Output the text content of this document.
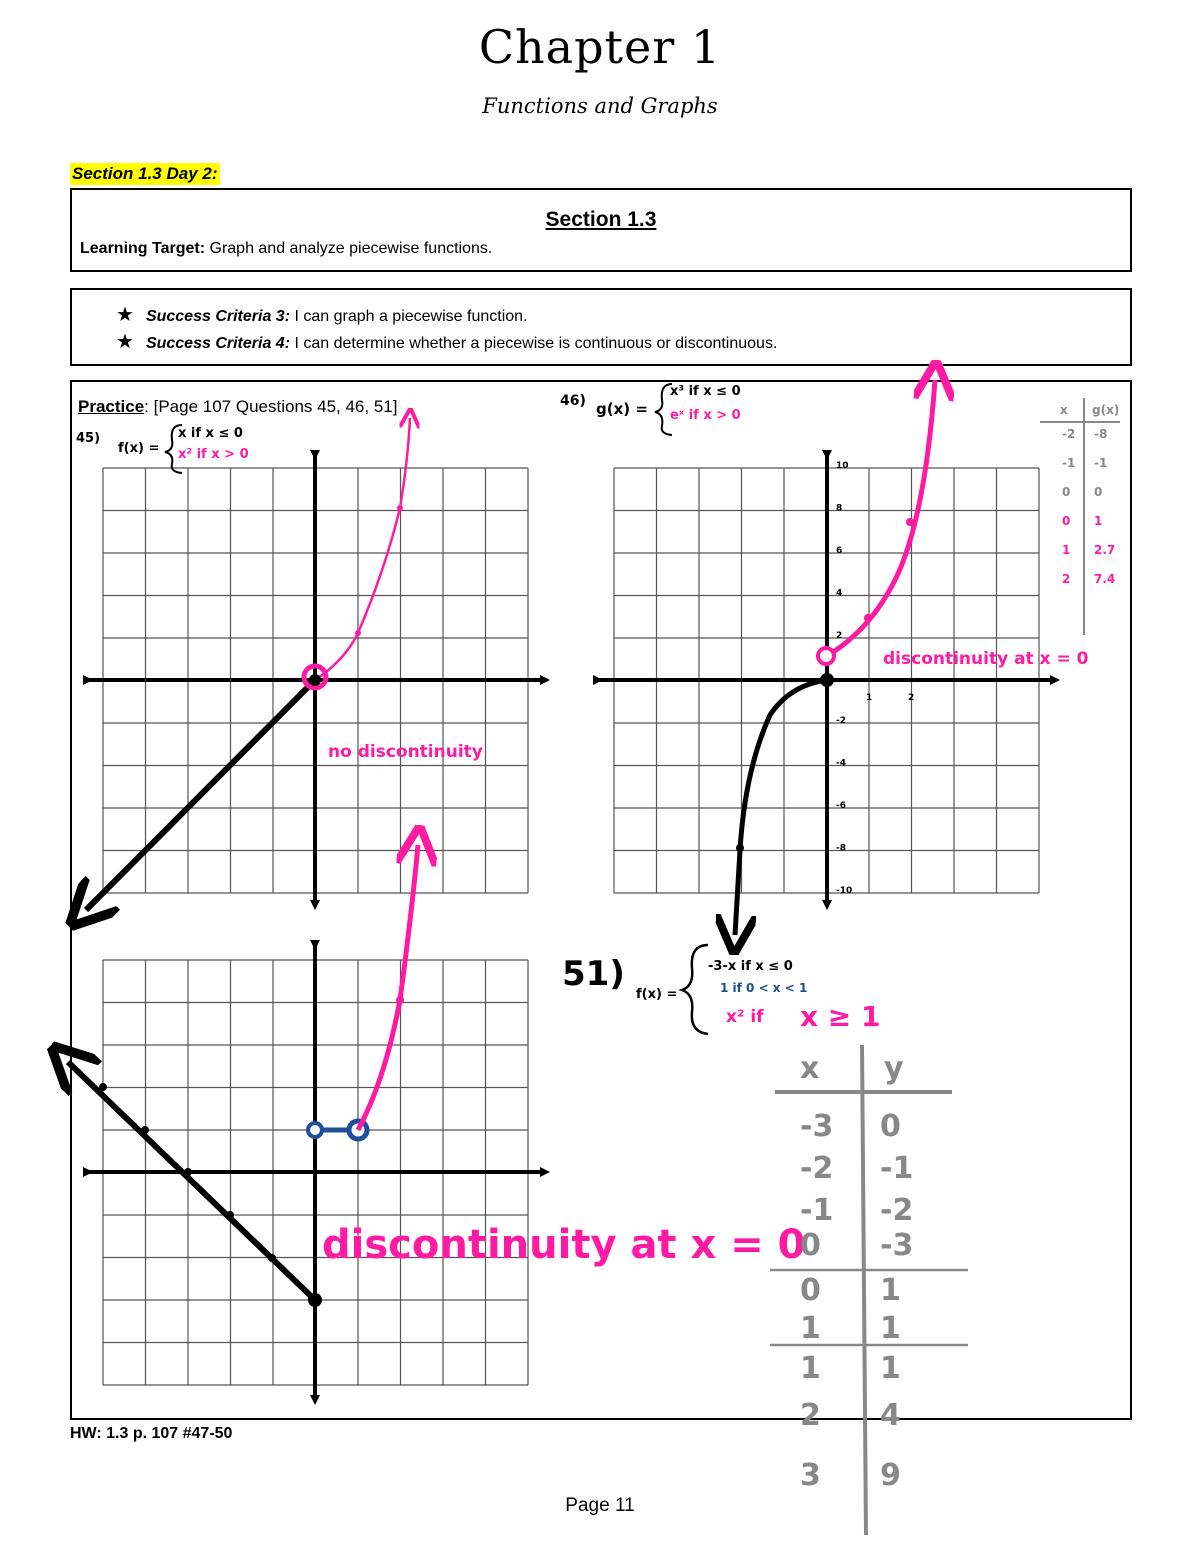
Chapter 1
Functions and Graphs
Section 1.3 Day 2:
Section 1.3
Learning Target: Graph and analyze piecewise functions.
★ Success Criteria 3: I can graph a piecewise function.
★ Success Criteria 4: I can determine whether a piecewise is continuous or discontinuous.
Practice: [Page 107 Questions 45, 46, 51]
10
8
6
4
2
-2
-4
-6
-8
-10
1	2
45)
f(x) =
x if x ≤ 0
x² if x > 0
no discontinuity
46) g(x) =
x³ if x ≤ 0
eˣ if x > 0
discontinuity at x = 0
x g(x)
-2 -8
-1 -1
0 0
0 1
1 2.7
2 7.4
51)
f(x) =
-3-x if x ≤ 0
1 if 0 < x < 1
x² if x ≥ 1
discontinuity at x = 0
x y
-3 0
-2 -1
-1 -2
0 -3
0 1
1 1
1 1
2 4
3 9
HW: 1.3 p. 107 #47-50
Page 11
